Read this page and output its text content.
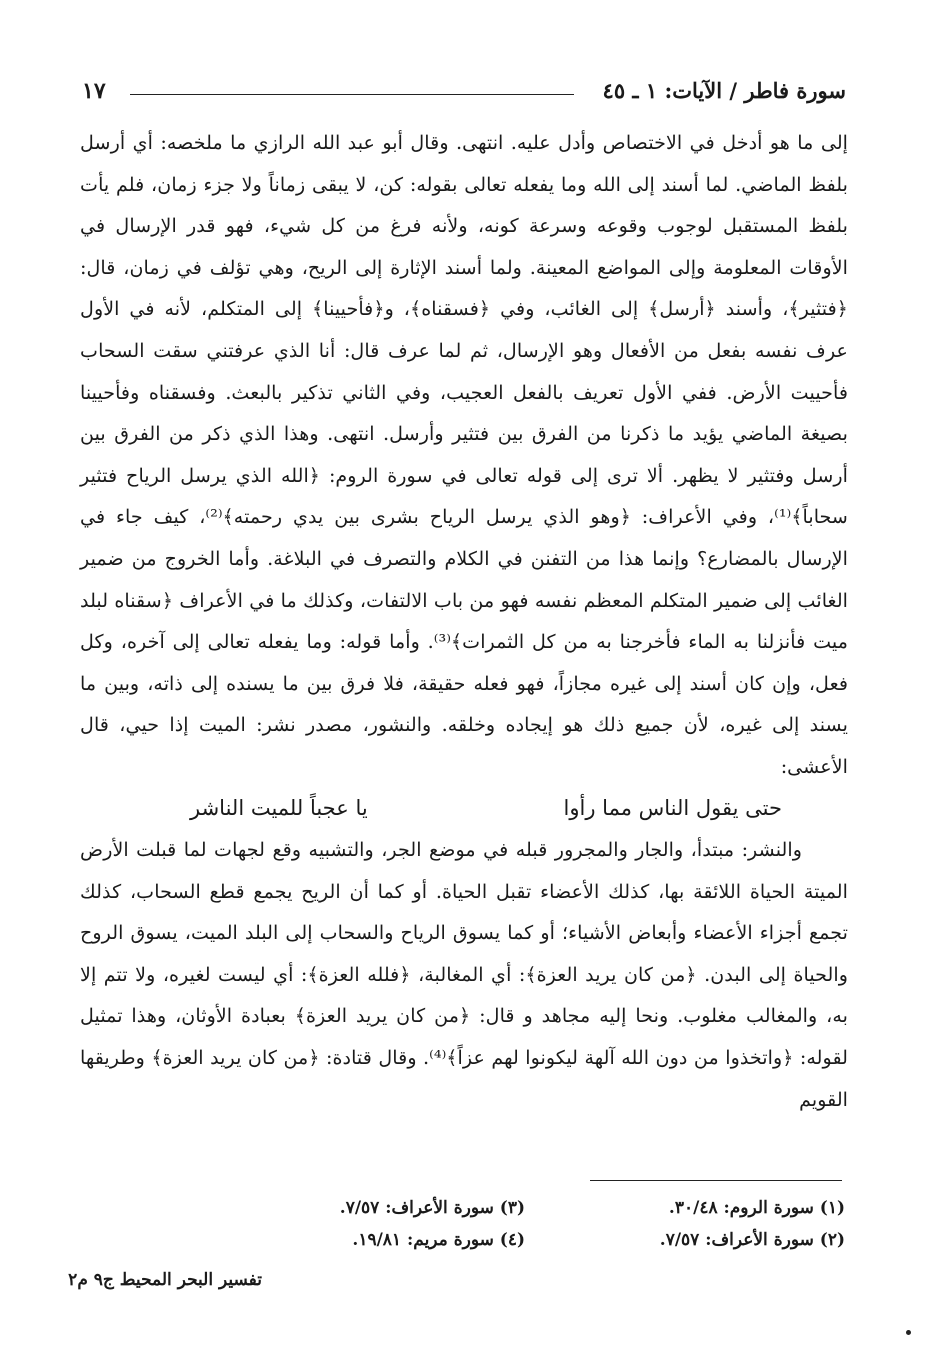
سورة فاطر / الآيات: ١ ـ ٤٥
١٧

إلى ما هو أدخل في الاختصاص وأدل عليه. انتهى. وقال أبو عبد الله الرازي ما ملخصه: أي أرسل بلفظ الماضي. لما أسند إلى الله وما يفعله تعالى بقوله: كن، لا يبقى زماناً ولا جزء زمان، فلم يأت بلفظ المستقبل لوجوب وقوعه وسرعة كونه، ولأنه فرغ من كل شيء، فهو قدر الإرسال في الأوقات المعلومة وإلى المواضع المعينة. ولما أسند الإثارة إلى الريح، وهي تؤلف في زمان، قال: ﴿فتثير﴾، وأسند ﴿أرسل﴾ إلى الغائب، وفي ﴿فسقناه﴾، و﴿فأحيينا﴾ إلى المتكلم، لأنه في الأول عرف نفسه بفعل من الأفعال وهو الإرسال، ثم لما عرف قال: أنا الذي عرفتني سقت السحاب فأحييت الأرض. ففي الأول تعريف بالفعل العجيب، وفي الثاني تذكير بالبعث. وفسقناه وفأحيينا بصيغة الماضي يؤيد ما ذكرنا من الفرق بين فتثير وأرسل. انتهى. وهذا الذي ذكر من الفرق بين أرسل وفتثير لا يظهر. ألا ترى إلى قوله تعالى في سورة الروم: ﴿الله الذي يرسل الرياح فتثير سحاباً﴾⁽¹⁾، وفي الأعراف: ﴿وهو الذي يرسل الرياح بشرى بين يدي رحمته﴾⁽²⁾، كيف جاء في الإرسال بالمضارع؟ وإنما هذا من التفنن في الكلام والتصرف في البلاغة. وأما الخروج من ضمير الغائب إلى ضمير المتكلم المعظم نفسه فهو من باب الالتفات، وكذلك ما في الأعراف ﴿سقناه لبلد ميت فأنزلنا به الماء فأخرجنا به من كل الثمرات﴾⁽³⁾. وأما قوله: وما يفعله تعالى إلى آخره، وكل فعل، وإن كان أسند إلى غيره مجازاً، فهو فعله حقيقة، فلا فرق بين ما يسنده إلى ذاته، وبين ما يسند إلى غيره، لأن جميع ذلك هو إيجاده وخلقه. والنشور، مصدر نشر: الميت إذا حيي، قال الأعشى:

حتى يقول الناس مما رأوا
يا عجباً للميت الناشر

والنشر: مبتدأ، والجار والمجرور قبله في موضع الجر، والتشبيه وقع لجهات لما قبلت الأرض الميتة الحياة اللائقة بها، كذلك الأعضاء تقبل الحياة. أو كما أن الريح يجمع قطع السحاب، كذلك تجمع أجزاء الأعضاء وأبعاض الأشياء؛ أو كما يسوق الرياح والسحاب إلى البلد الميت، يسوق الروح والحياة إلى البدن. ﴿من كان يريد العزة﴾: أي المغالبة، ﴿فلله العزة﴾: أي ليست لغيره، ولا تتم إلا به، والمغالب مغلوب. ونحا إليه مجاهد و قال: ﴿من كان يريد العزة﴾ بعبادة الأوثان، وهذا تمثيل لقوله: ﴿واتخذوا من دون الله آلهة ليكونوا لهم عزاً﴾⁽⁴⁾. وقال قتادة: ﴿من كان يريد العزة﴾ وطريقها القويم

(١) سورة الروم: ٣٠/٤٨.
(٣) سورة الأعراف: ٧/٥٧.
(٢) سورة الأعراف: ٧/٥٧.
(٤) سورة مريم: ١٩/٨١.
تفسير البحر المحيط ج٩ م٢
